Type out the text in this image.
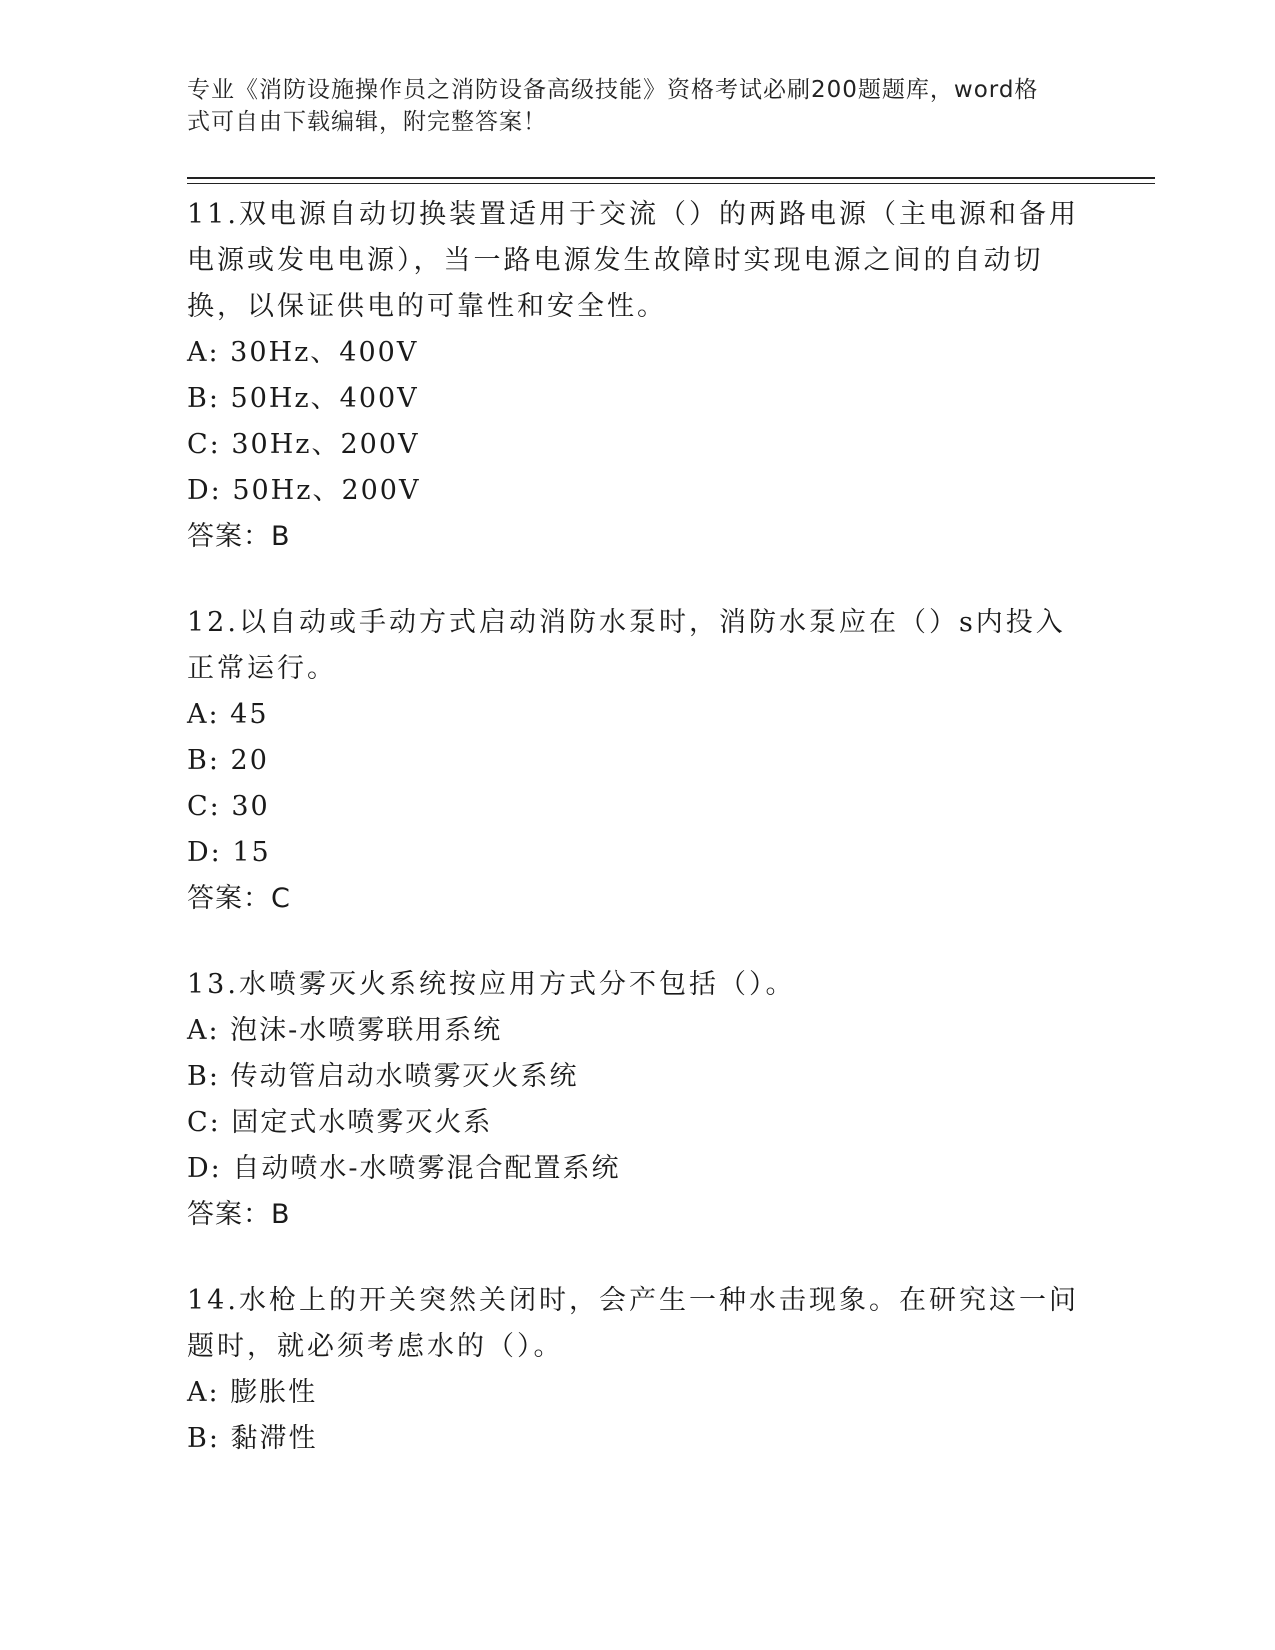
专业《消防设施操作员之消防设备高级技能》资格考试必刷200题题库，word格
式可自由下载编辑，附完整答案！

11.双电源自动切换装置适用于交流（）的两路电源（主电源和备用电源或发电电源），当一路电源发生故障时实现电源之间的自动切换，以保证供电的可靠性和安全性。

A: 30Hz、400V

B: 50Hz、400V

C: 30Hz、200V

D: 50Hz、200V

答案：B

12.以自动或手动方式启动消防水泵时，消防水泵应在（）s内投入正常运行。

A: 45

B: 20

C: 30

D: 15

答案：C

13.水喷雾灭火系统按应用方式分不包括（）。

A: 泡沫-水喷雾联用系统

B: 传动管启动水喷雾灭火系统

C: 固定式水喷雾灭火系

D: 自动喷水-水喷雾混合配置系统

答案：B

14.水枪上的开关突然关闭时，会产生一种水击现象。在研究这一问题时，就必须考虑水的（）。

A: 膨胀性

B: 黏滞性
